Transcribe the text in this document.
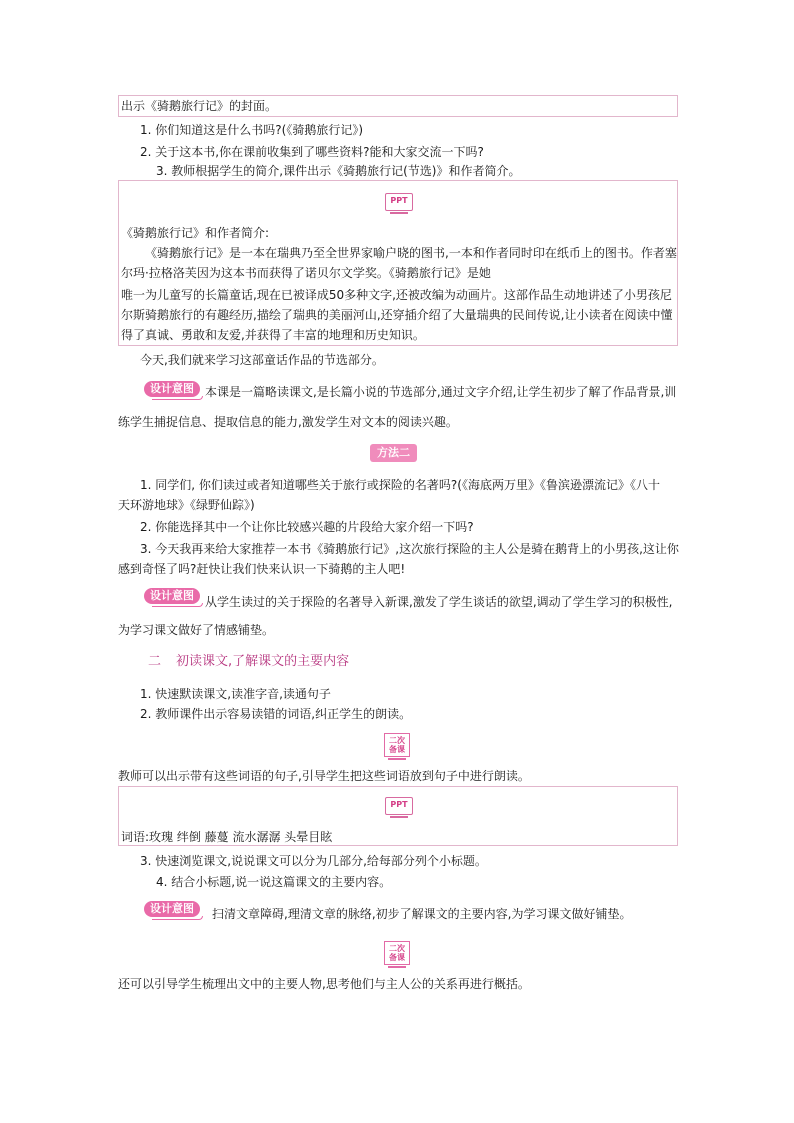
出示《骑鹅旅行记》的封面。
1. 你们知道这是什么书吗?(《骑鹅旅行记》)
2. 关于这本书,你在课前收集到了哪些资料?能和大家交流一下吗?
3. 教师根据学生的简介,课件出示《骑鹅旅行记(节选)》和作者简介。
PPT
《骑鹅旅行记》和作者简介:
《骑鹅旅行记》是一本在瑞典乃至全世界家喻户晓的图书,一本和作者同时印在纸币上的图书。作者塞
尔玛·拉格洛芙因为这本书而获得了诺贝尔文学奖。《骑鹅旅行记》是她
唯一为儿童写的长篇童话,现在已被译成50多种文字,还被改编为动画片。这部作品生动地讲述了小男孩尼
尔斯骑鹅旅行的有趣经历,描绘了瑞典的美丽河山,还穿插介绍了大量瑞典的民间传说,让小读者在阅读中懂
得了真诚、勇敢和友爱,并获得了丰富的地理和历史知识。
今天,我们就来学习这部童话作品的节选部分。
设计意图 本课是一篇略读课文,是长篇小说的节选部分,通过文字介绍,让学生初步了解了作品背景,训
练学生捕捉信息、提取信息的能力,激发学生对文本的阅读兴趣。
方法二
1. 同学们, 你们读过或者知道哪些关于旅行或探险的名著吗?(《海底两万里》《鲁滨逊漂流记》《八十
天环游地球》《绿野仙踪》)
2. 你能选择其中一个让你比较感兴趣的片段给大家介绍一下吗?
3. 今天我再来给大家推荐一本书《骑鹅旅行记》,这次旅行探险的主人公是骑在鹅背上的小男孩,这让你
感到奇怪了吗?赶快让我们快来认识一下骑鹅的主人吧!
设计意图 从学生读过的关于探险的名著导入新课,激发了学生谈话的欲望,调动了学生学习的积极性,
为学习课文做好了情感铺垫。
二 初读课文,了解课文的主要内容
1. 快速默读课文,读准字音,读通句子
2. 教师课件出示容易读错的词语,纠正学生的朗读。
二次
备课
教师可以出示带有这些词语的句子,引导学生把这些词语放到句子中进行朗读。
PPT
词语:玫瑰 绊倒 藤蔓 流水潺潺 头晕目眩
3. 快速浏览课文,说说课文可以分为几部分,给每部分列个小标题。
4. 结合小标题,说一说这篇课文的主要内容。
设计意图	扫清文章障碍,理清文章的脉络,初步了解课文的主要内容,为学习课文做好铺垫。
二次
备课
还可以引导学生梳理出文中的主要人物,思考他们与主人公的关系再进行概括。
